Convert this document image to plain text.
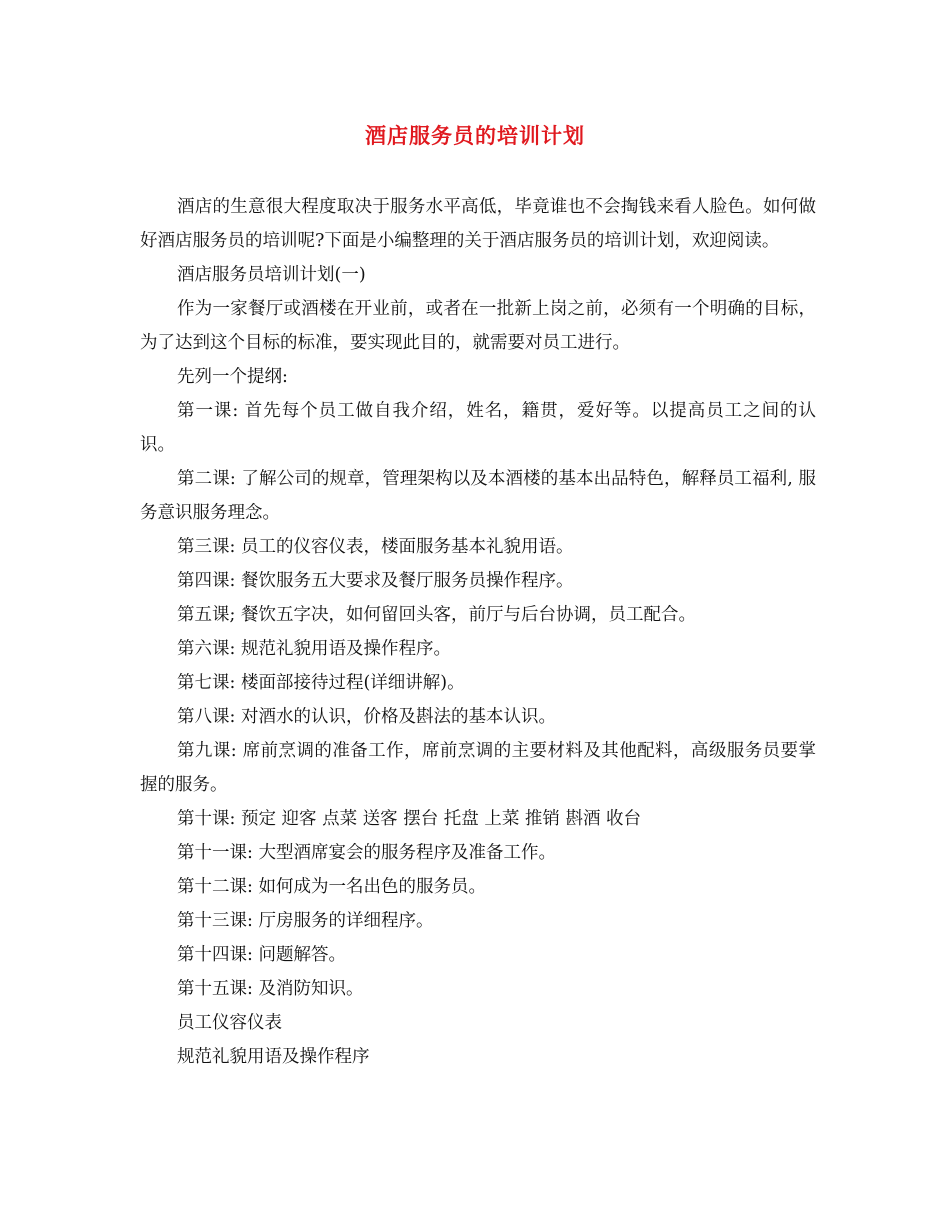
酒店服务员的培训计划

酒店的生意很大程度取决于服务水平高低，毕竟谁也不会掏钱来看人脸色。如何做好酒店服务员的培训呢?下面是小编整理的关于酒店服务员的培训计划，欢迎阅读。

酒店服务员培训计划(一)

作为一家餐厅或酒楼在开业前，或者在一批新上岗之前，必须有一个明确的目标，为了达到这个目标的标准，要实现此目的，就需要对员工进行。

先列一个提纲:

第一课: 首先每个员工做自我介绍，姓名，籍贯，爱好等。以提高员工之间的认识。

第二课: 了解公司的规章，管理架构以及本酒楼的基本出品特色，解释员工福利, 服务意识服务理念。

第三课: 员工的仪容仪表，楼面服务基本礼貌用语。

第四课: 餐饮服务五大要求及餐厅服务员操作程序。

第五课; 餐饮五字决，如何留回头客，前厅与后台协调，员工配合。

第六课: 规范礼貌用语及操作程序。

第七课: 楼面部接待过程(详细讲解)。

第八课: 对酒水的认识，价格及斟法的基本认识。

第九课: 席前烹调的准备工作，席前烹调的主要材料及其他配料，高级服务员要掌握的服务。

第十课: 预定 迎客 点菜 送客 摆台 托盘 上菜 推销 斟酒 收台

第十一课: 大型酒席宴会的服务程序及准备工作。

第十二课: 如何成为一名出色的服务员。

第十三课: 厅房服务的详细程序。

第十四课: 问题解答。

第十五课: 及消防知识。

员工仪容仪表

规范礼貌用语及操作程序
